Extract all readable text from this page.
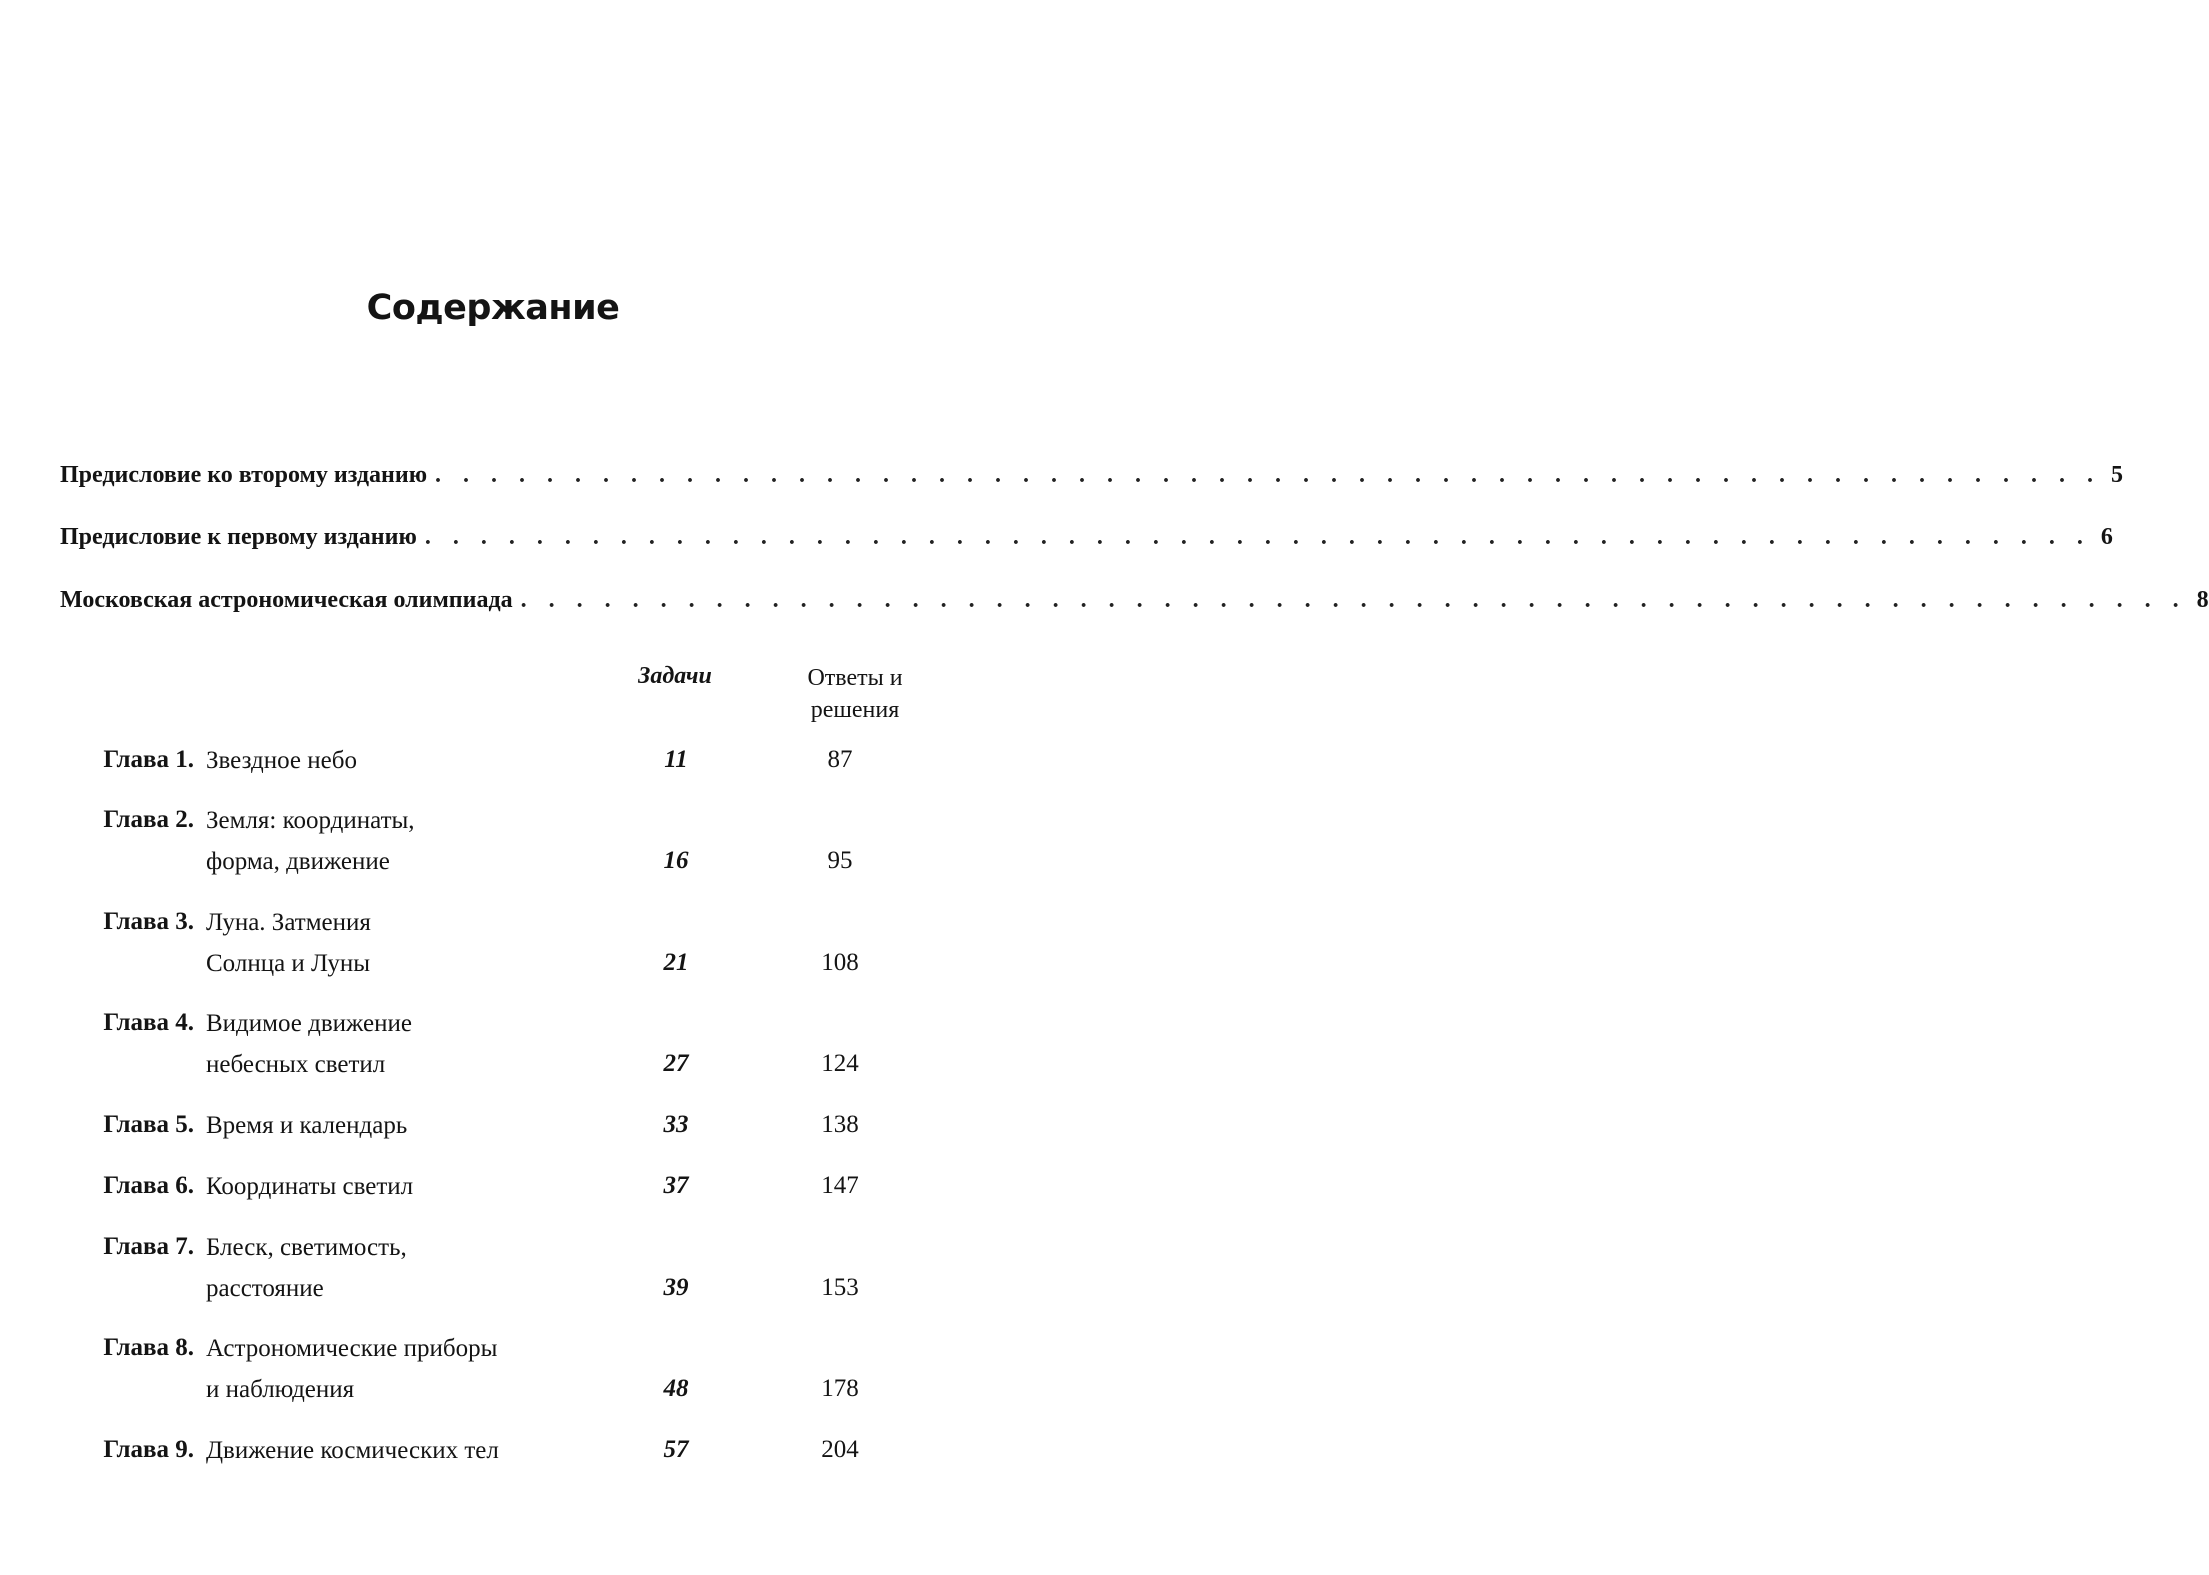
Содержание
Предисловие ко второму изданию . . . . . . . . . . . . . . . . . . . . . . . . . . . . . . . . . . . . . . . . . . . . . . . . . . . . . . . . . . . . 5
Предисловие к первому изданию . . . . . . . . . . . . . . . . . . . . . . . . . . . . . . . . . . . . . . . . . . . . . . . . . . . . . . . . . . . . 6
Московская астрономическая олимпиада . . . . . . . . . . . . . . . . . . . . . . . . . . . . . . . . . . . . . . . . . . . . . . . . . . . . . . . . . . . . 8
Задачи	Ответы и
решения
Глава 1. Звездное небо	11	87
Глава 2. Земля: координаты,
форма, движение	16	95
Глава 3. Луна. Затмения
Солнца и Луны	21	108
Глава 4. Видимое движение
небесных светил	27	124
Глава 5. Время и календарь	33	138
Глава 6. Координаты светил	37	147
Глава 7. Блеск, светимость,
расстояние	39	153
Глава 8. Астрономические приборы
и наблюдения	48	178
Глава 9. Движение космических тел	57	204
